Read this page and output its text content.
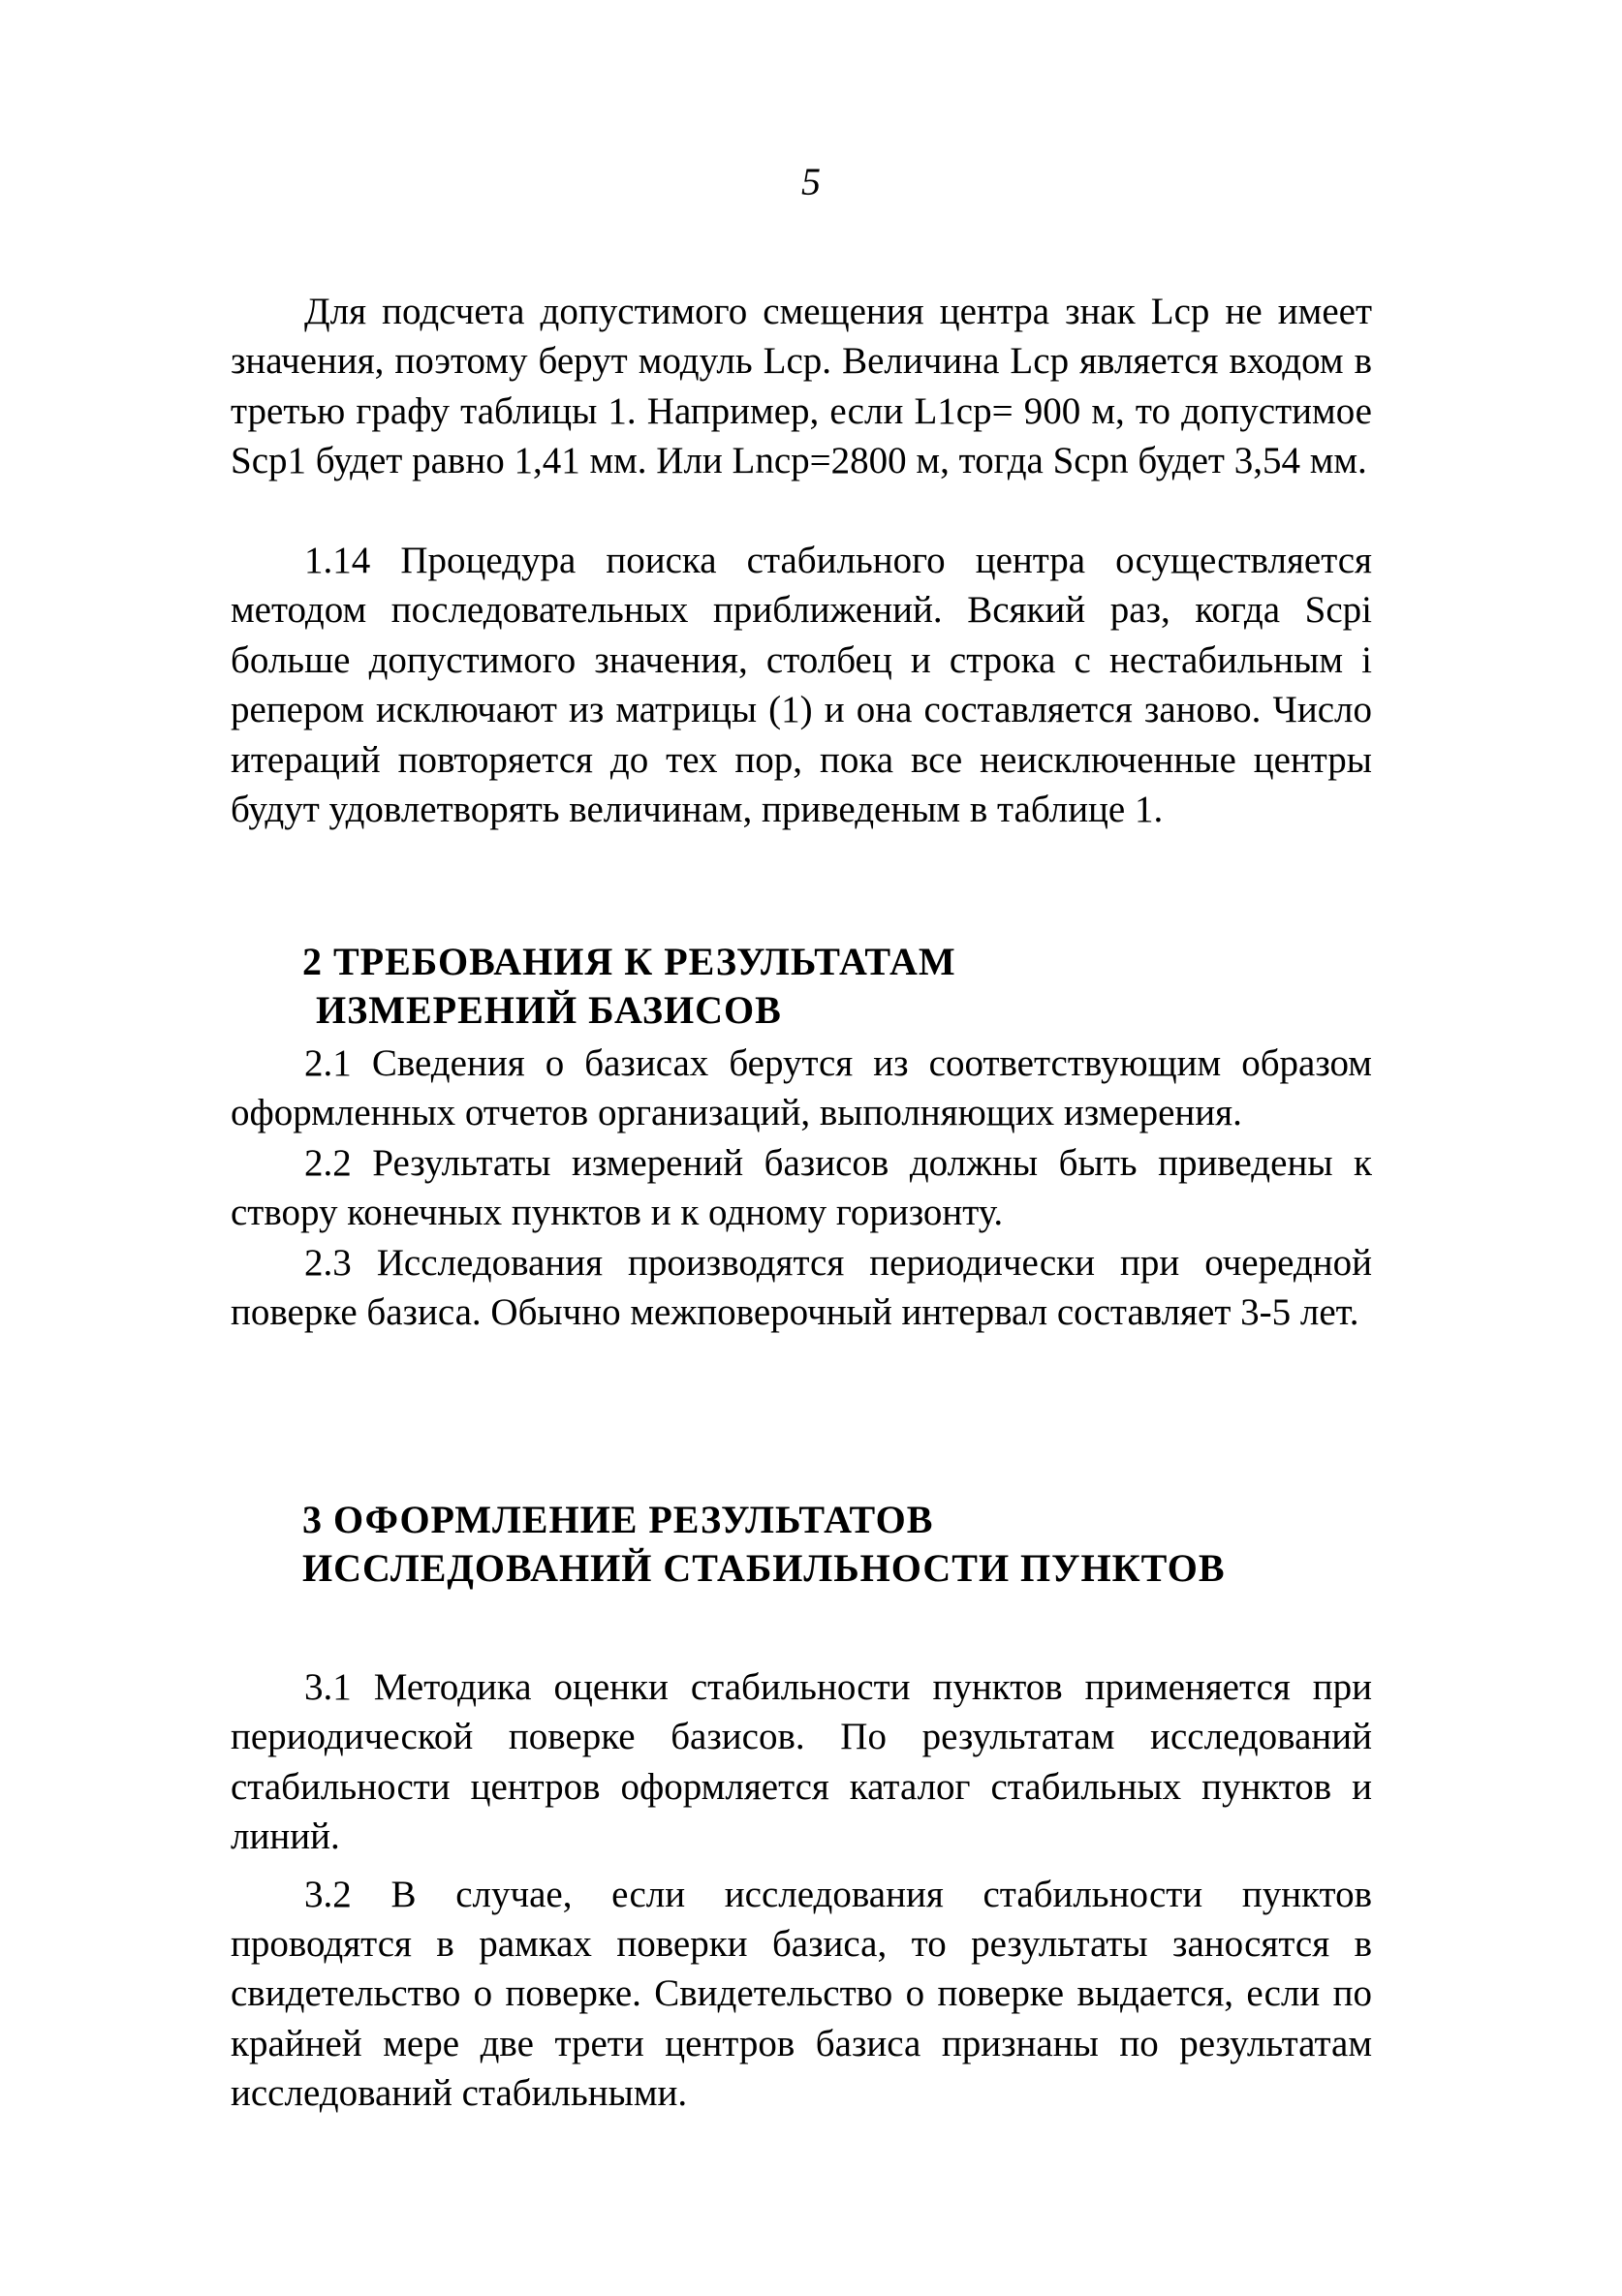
5

Для подсчета допустимого смещения центра знак Lср не имеет значения, поэтому берут модуль Lср. Величина Lср является входом в третью графу таблицы 1. Например, если L1ср= 900 м, то допустимое Sср1 будет равно 1,41 мм. Или Lnср=2800 м, тогда Sсрn будет 3,54 мм.

1.14 Процедура поиска стабильного центра осуществляется методом последовательных приближений. Всякий раз, когда Sсрi больше допустимого значения, столбец и строка с нестабильным i репером исключают из матрицы (1) и она составляется заново. Число итераций повторяется до тех пор, пока все неисключенные центры будут удовлетворять величинам, приведеным в таблице 1.

2 ТРЕБОВАНИЯ К РЕЗУЛЬТАТАМ
ИЗМЕРЕНИЙ БАЗИСОВ

2.1 Сведения о базисах берутся из соответствующим образом оформленных отчетов организаций, выполняющих измерения.

2.2 Результаты измерений базисов должны быть приведены к створу конечных пунктов и к одному горизонту.

2.3 Исследования производятся периодически при очередной поверке базиса. Обычно межповерочный интервал составляет 3-5 лет.

3 ОФОРМЛЕНИЕ РЕЗУЛЬТАТОВ
ИССЛЕДОВАНИЙ СТАБИЛЬНОСТИ ПУНКТОВ

3.1 Методика оценки стабильности пунктов применяется при периодической поверке базисов. По результатам исследований стабильности центров оформляется каталог стабильных пунктов и линий.

3.2 В случае, если исследования стабильности пунктов проводятся в рамках поверки базиса, то результаты заносятся в свидетельство о поверке. Свидетельство о поверке выдается, если по крайней мере две трети центров базиса признаны по результатам исследований стабильными.
